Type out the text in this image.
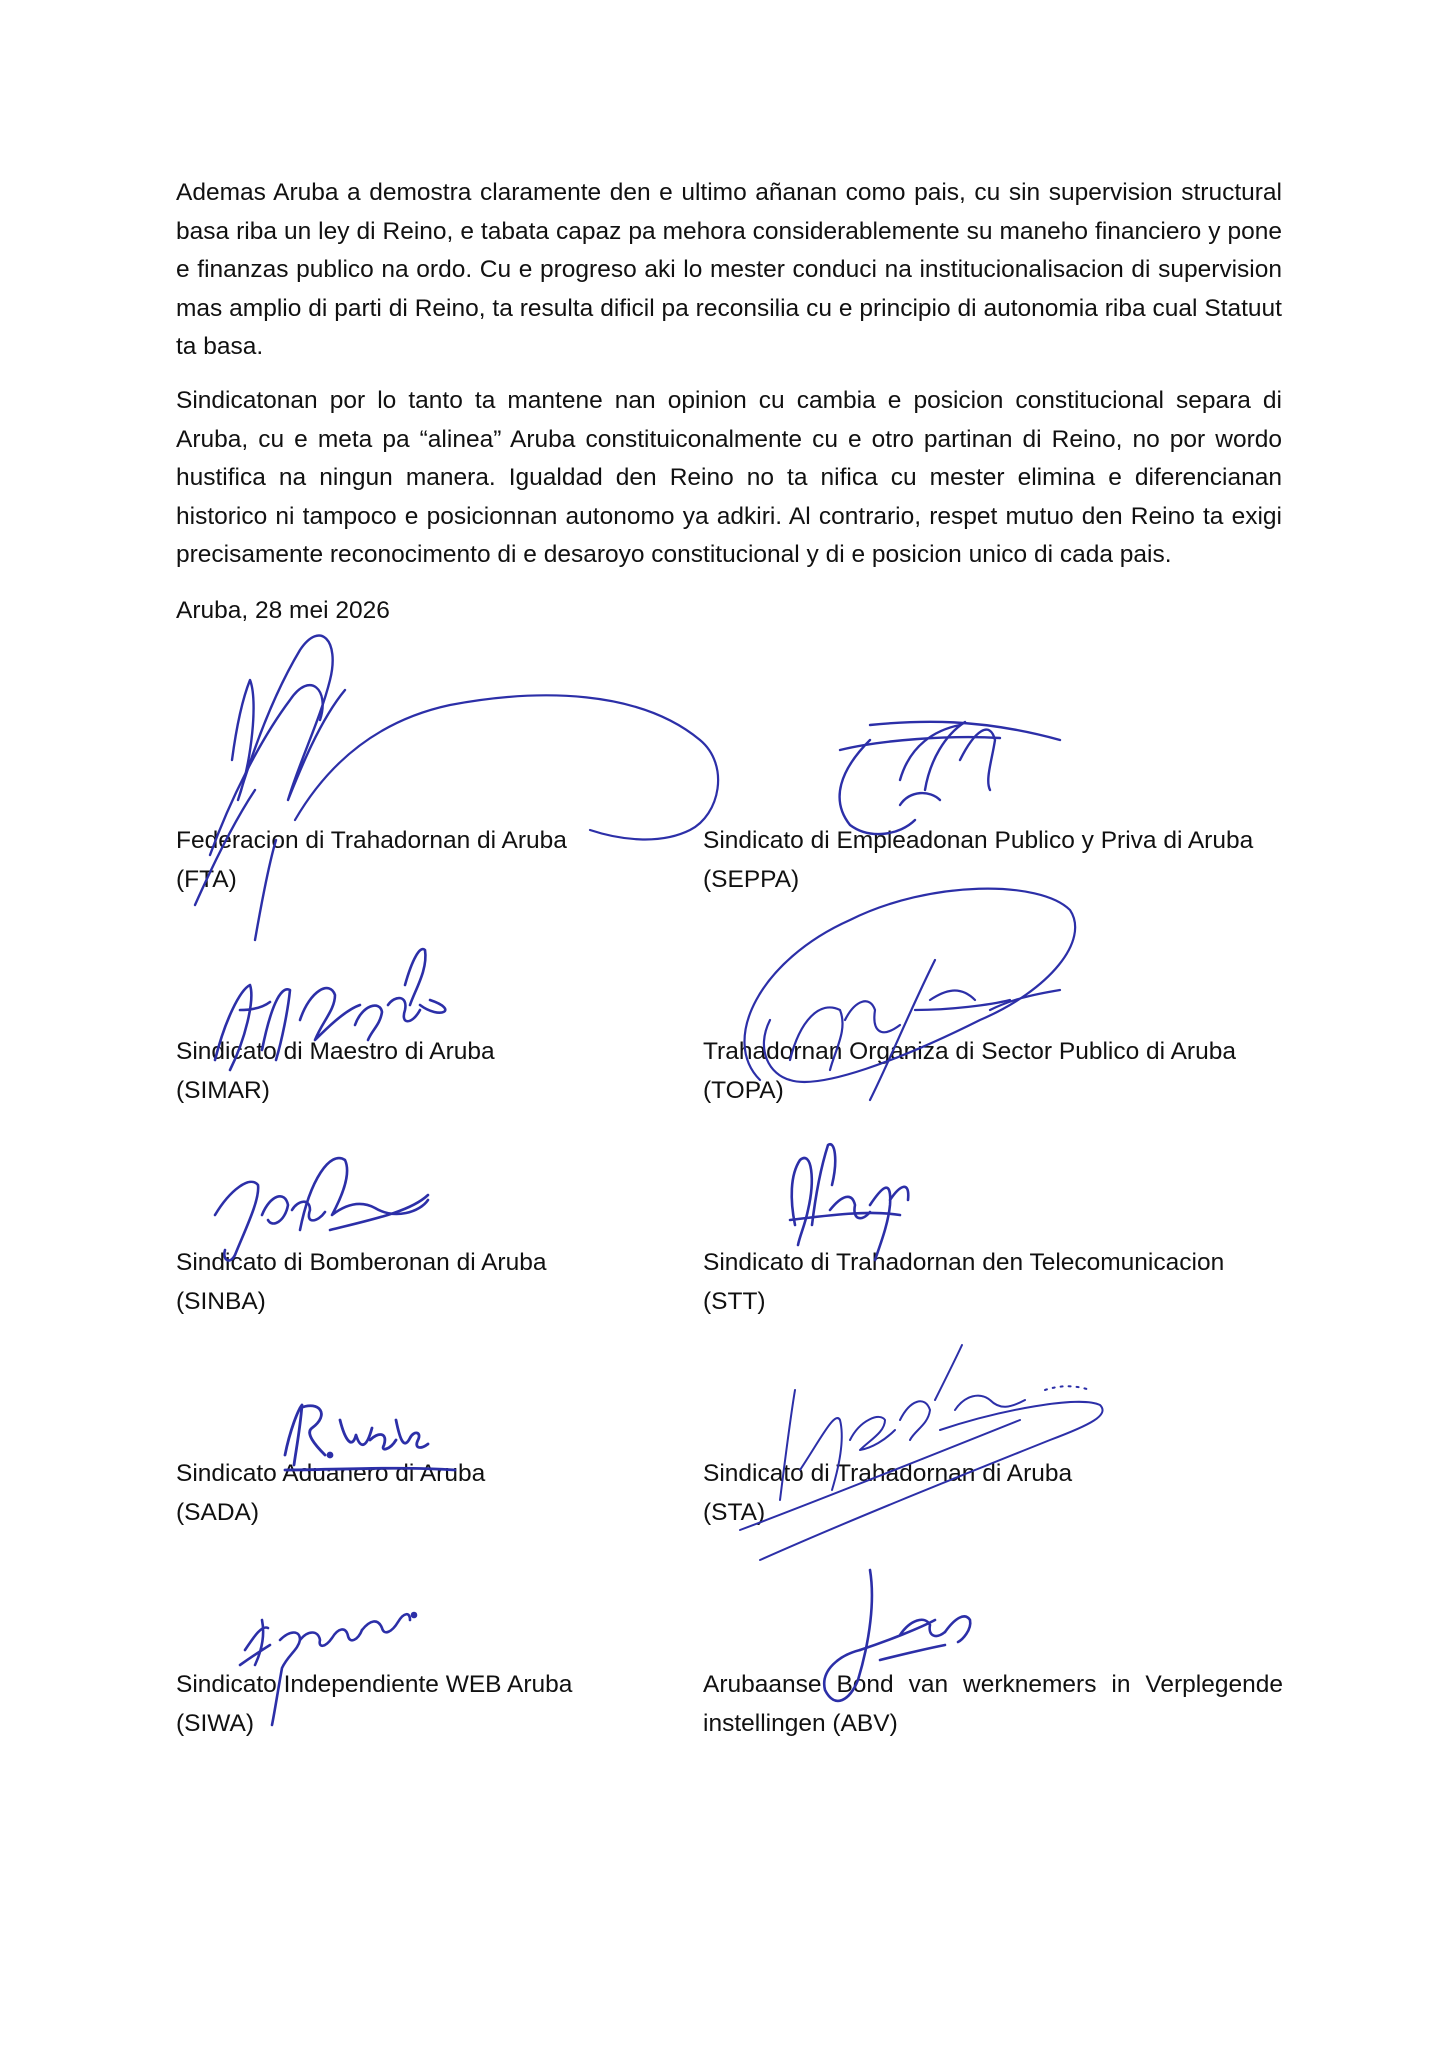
Ademas Aruba a demostra claramente den e ultimo añanan como pais, cu sin supervision structural basa riba un ley di Reino, e tabata capaz pa mehora considerablemente su maneho financiero y pone e finanzas publico na ordo. Cu e progreso aki lo mester conduci na institucionalisacion di supervision mas amplio di parti di Reino, ta resulta dificil pa reconsilia cu e principio di autonomia riba cual Statuut ta basa.

Sindicatonan por lo tanto ta mantene nan opinion cu cambia e posicion constitucional separa di Aruba, cu e meta pa “alinea” Aruba constituiconalmente cu e otro partinan di Reino, no por wordo hustifica na ningun manera. Igualdad den Reino no ta nifica cu mester elimina e diferencianan historico ni tampoco e posicionnan autonomo ya adkiri. Al contrario, respet mutuo den Reino ta exigi precisamente reconocimento di e desaroyo constitucional y di e posicion unico di cada pais.

Aruba, 28 mei 2026

Federacion di Trahadornan di Aruba
(FTA)
Sindicato di Empleadonan Publico y Priva di Aruba
(SEPPA)
Sindicato di Maestro di Aruba
(SIMAR)
Trahadornan Organiza di Sector Publico di Aruba
(TOPA)
Sindicato di Bomberonan di Aruba
(SINBA)
Sindicato di Trahadornan den Telecomunicacion
(STT)
Sindicato Aduanero di Aruba
(SADA)
Sindicato di Trahadornan di Aruba
(STA)
Sindicato Independiente WEB Aruba
(SIWA)
Arubaanse Bond van werknemers in Verplegende
instellingen (ABV)
